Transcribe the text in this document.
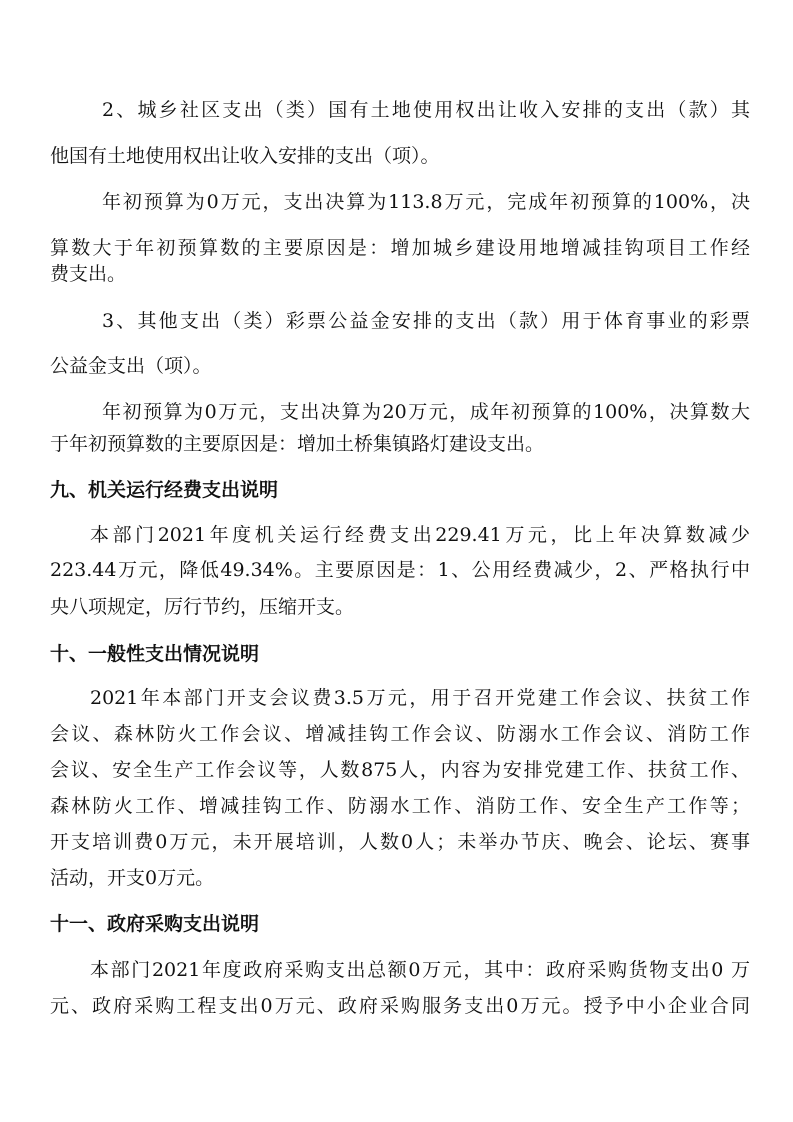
2、城乡社区支出（类）国有土地使用权出让收入安排的支出（款）其
他国有土地使用权出让收入安排的支出（项）。
年初预算为0万元，支出决算为113.8万元，完成年初预算的100%，决
算数大于年初预算数的主要原因是：增加城乡建设用地增减挂钩项目工作经
费支出。
3、其他支出（类）彩票公益金安排的支出（款）用于体育事业的彩票
公益金支出（项）。
年初预算为0万元，支出决算为20万元，成年初预算的100%，决算数大
于年初预算数的主要原因是：增加土桥集镇路灯建设支出。
九、机关运行经费支出说明
本部门2021年度机关运行经费支出229.41万元，比上年决算数减少
223.44万元，降低49.34%。主要原因是：1、公用经费减少，2、严格执行中
央八项规定，厉行节约，压缩开支。
十、一般性支出情况说明
2021年本部门开支会议费3.5万元，用于召开党建工作会议、扶贫工作
会议、森林防火工作会议、增减挂钩工作会议、防溺水工作会议、消防工作
会议、安全生产工作会议等，人数875人，内容为安排党建工作、扶贫工作、
森林防火工作、增减挂钩工作、防溺水工作、消防工作、安全生产工作等；
开支培训费0万元，未开展培训，人数0人；未举办节庆、晚会、论坛、赛事
活动，开支0万元。
十一、政府采购支出说明
本部门2021年度政府采购支出总额0万元，其中：政府采购货物支出0 万
元、政府采购工程支出0万元、政府采购服务支出0万元。授予中小企业合同
